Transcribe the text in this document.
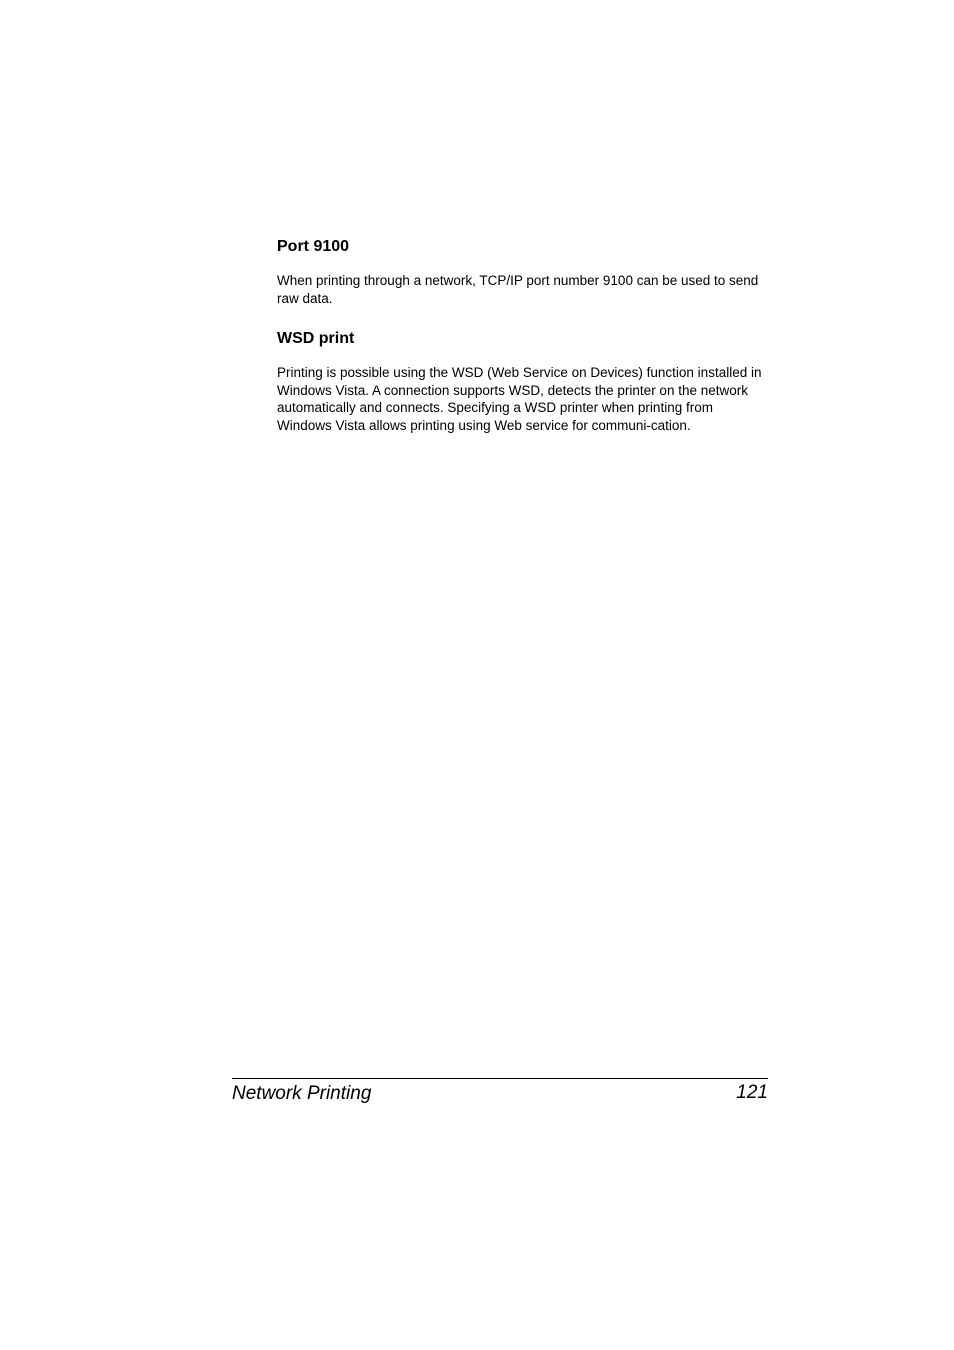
Port 9100

When printing through a network, TCP/IP port number 9100 can be used to send raw data.

WSD print

Printing is possible using the WSD (Web Service on Devices) function installed in Windows Vista. A connection supports WSD, detects the printer on the network automatically and connects. Specifying a WSD printer when printing from Windows Vista allows printing using Web service for communi-cation.

Network Printing	121
